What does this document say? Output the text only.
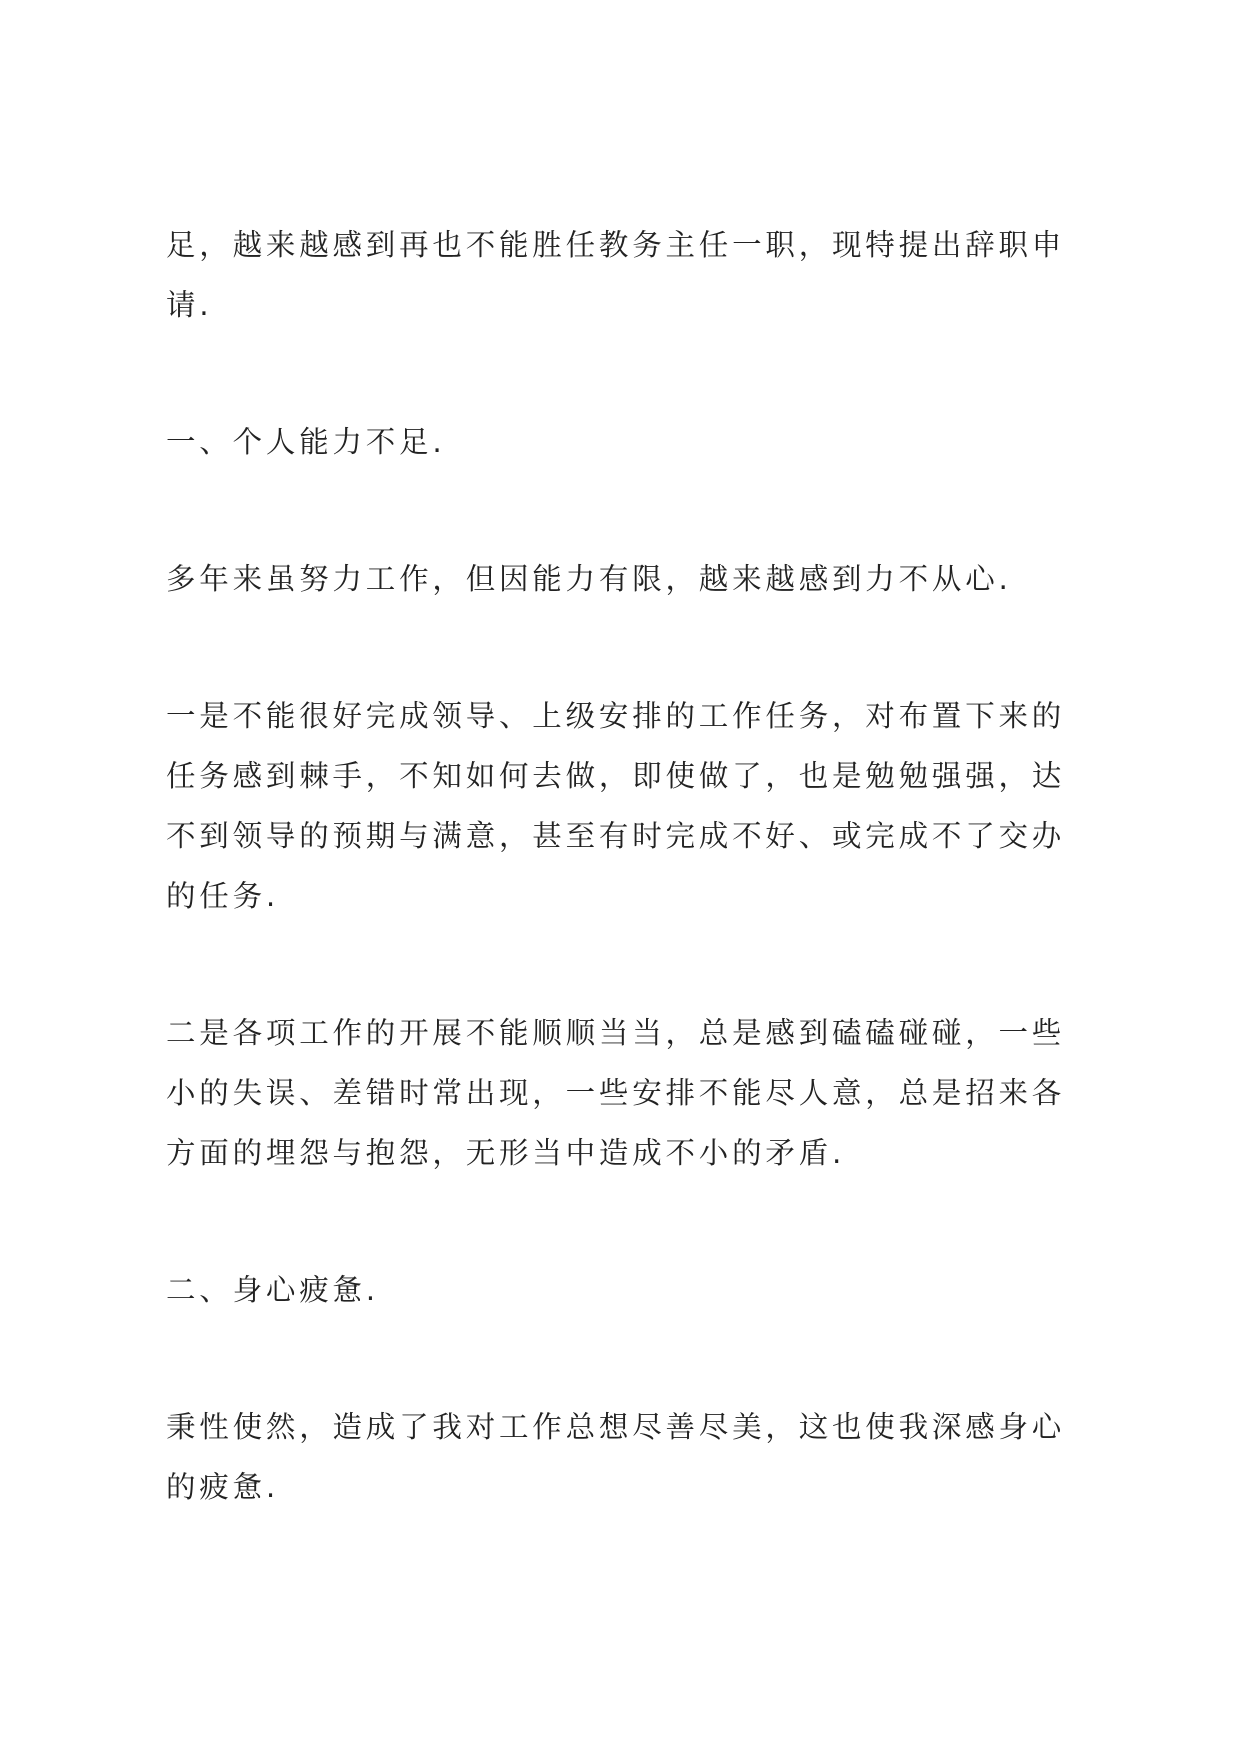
足，越来越感到再也不能胜任教务主任一职，现特提出辞职申请.

一、个人能力不足.

多年来虽努力工作，但因能力有限，越来越感到力不从心.

一是不能很好完成领导、上级安排的工作任务，对布置下来的任务感到棘手，不知如何去做，即使做了，也是勉勉强强，达不到领导的预期与满意，甚至有时完成不好、或完成不了交办的任务.

二是各项工作的开展不能顺顺当当，总是感到磕磕碰碰，一些小的失误、差错时常出现，一些安排不能尽人意，总是招来各方面的埋怨与抱怨，无形当中造成不小的矛盾.

二、身心疲惫.

秉性使然，造成了我对工作总想尽善尽美，这也使我深感身心的疲惫.
